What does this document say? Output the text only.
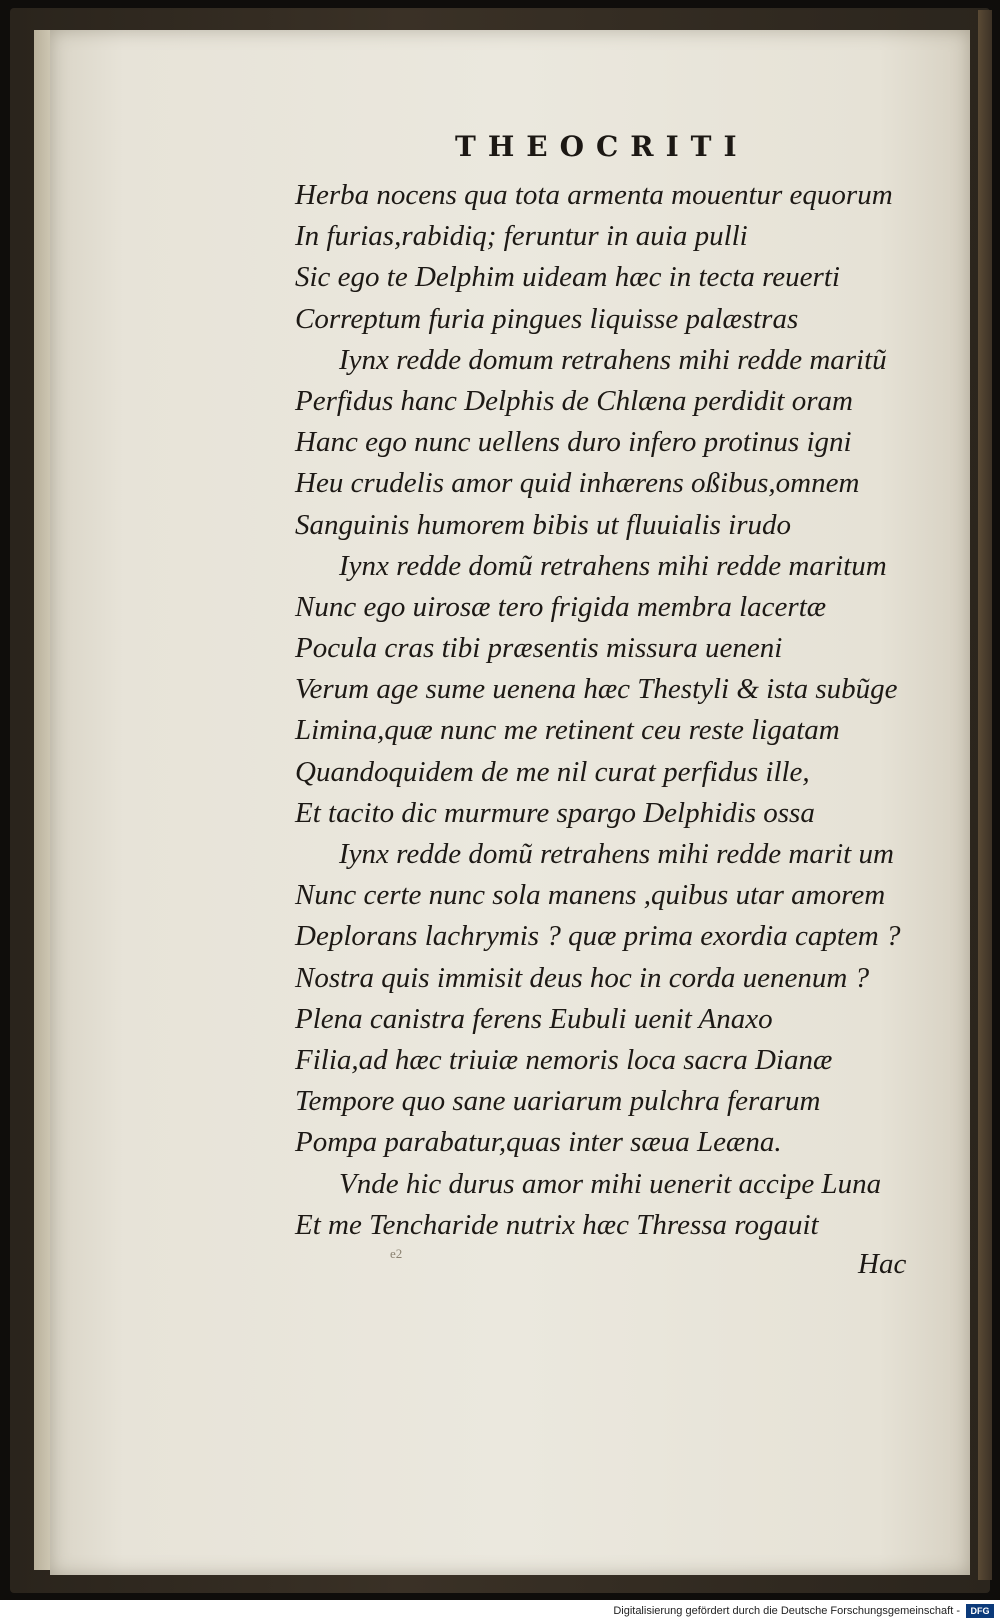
THEOCRITI
Herba nocens qua tota armenta mouentur equorum
In furias,rabidiq; feruntur in auia pulli
Sic ego te Delphim uideam hæc in tecta reuerti
Correptum furia pingues liquisse palæstras
Iynx redde domum retrahens mihi redde maritũ
Perfidus hanc Delphis de Chlæna perdidit oram
Hanc ego nunc uellens duro infero protinus igni
Heu crudelis amor quid inhærens oßibus,omnem
Sanguinis humorem bibis ut fluuialis irudo
Iynx redde domũ retrahens mihi redde maritum
Nunc ego uirosæ tero frigida membra lacertæ
Pocula cras tibi præsentis missura ueneni
Verum age sume uenena hæc Thestyli & ista subũge
Limina,quæ nunc me retinent ceu reste ligatam
Quandoquidem de me nil curat perfidus ille,
Et tacito dic murmure spargo Delphidis ossa
Iynx redde domũ retrahens mihi redde marit um
Nunc certe nunc sola manens ,quibus utar amorem
Deplorans lachrymis ? quæ prima exordia captem ?
Nostra quis immisit deus hoc in corda uenenum ?
Plena canistra ferens Eubuli uenit Anaxo
Filia,ad hæc triuiæ nemoris loca sacra Dianæ
Tempore quo sane uariarum pulchra ferarum
Pompa parabatur,quas inter sæua Leæna.
Vnde hic durus amor mihi uenerit accipe Luna
Et me Tencharide nutrix hæc Thressa rogauit
e2	Hac
Digitalisierung gefördert durch die Deutsche Forschungsgemeinschaft -	DFG
